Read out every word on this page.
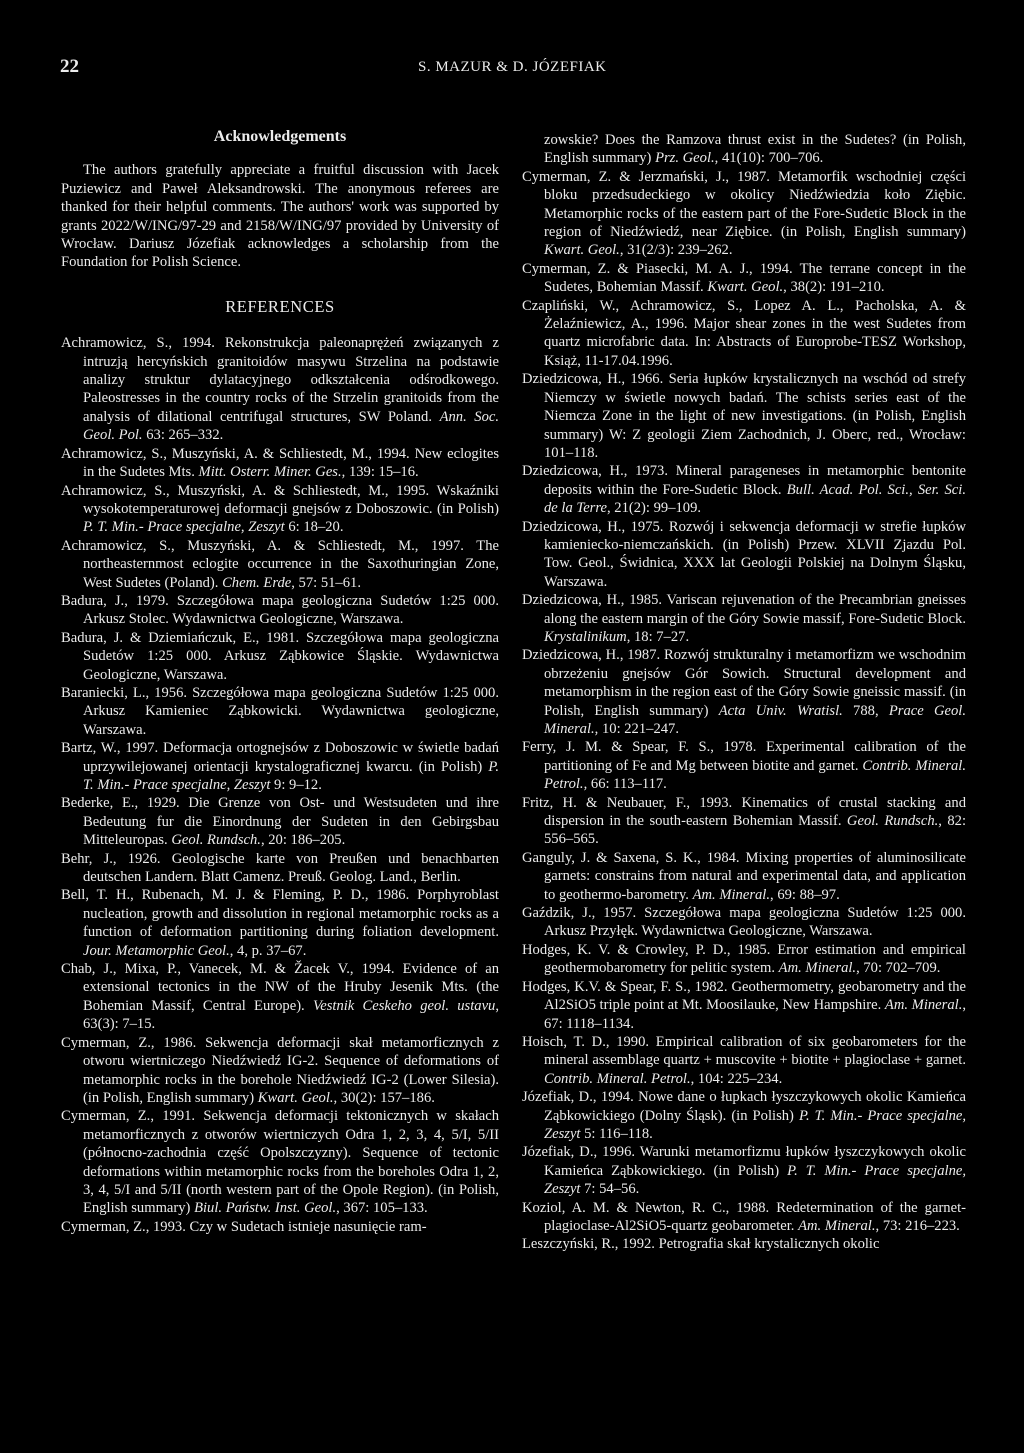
22	S. MAZUR & D. JÓZEFIAK
Acknowledgements

The authors gratefully appreciate a fruitful discussion with Jacek Puziewicz and Paweł Aleksandrowski. The anonymous referees are thanked for their helpful comments. The authors' work was supported by grants 2022/W/ING/97-29 and 2158/W/ING/97 provided by University of Wrocław. Dariusz Józefiak acknowledges a scholarship from the Foundation for Polish Science.

REFERENCES

Achramowicz, S., 1994. Rekonstrukcja paleonaprężeń związanych z intruzją hercyńskich granitoidów masywu Strzelina na podstawie analizy struktur dylatacyjnego odkształcenia odśrodkowego. Paleostresses in the country rocks of the Strzelin granitoids from the analysis of dilational centrifugal structures, SW Poland. Ann. Soc. Geol. Pol. 63: 265–332.

Achramowicz, S., Muszyński, A. & Schliestedt, M., 1994. New eclogites in the Sudetes Mts. Mitt. Osterr. Miner. Ges., 139: 15–16.

Achramowicz, S., Muszyński, A. & Schliestedt, M., 1995. Wskaźniki wysokotemperaturowej deformacji gnejsów z Doboszowic. (in Polish) P. T. Min.- Prace specjalne, Zeszyt 6: 18–20.

Achramowicz, S., Muszyński, A. & Schliestedt, M., 1997. The northeasternmost eclogite occurrence in the Saxothuringian Zone, West Sudetes (Poland). Chem. Erde, 57: 51–61.

Badura, J., 1979. Szczegółowa mapa geologiczna Sudetów 1:25 000. Arkusz Stolec. Wydawnictwa Geologiczne, Warszawa.

Badura, J. & Dziemiańczuk, E., 1981. Szczegółowa mapa geologiczna Sudetów 1:25 000. Arkusz Ząbkowice Śląskie. Wydawnictwa Geologiczne, Warszawa.

Baraniecki, L., 1956. Szczegółowa mapa geologiczna Sudetów 1:25 000. Arkusz Kamieniec Ząbkowicki. Wydawnictwa geologiczne, Warszawa.

Bartz, W., 1997. Deformacja ortognejsów z Doboszowic w świetle badań uprzywilejowanej orientacji krystalograficznej kwarcu. (in Polish) P. T. Min.- Prace specjalne, Zeszyt 9: 9–12.

Bederke, E., 1929. Die Grenze von Ost- und Westsudeten und ihre Bedeutung fur die Einordnung der Sudeten in den Gebirgsbau Mitteleuropas. Geol. Rundsch., 20: 186–205.

Behr, J., 1926. Geologische karte von Preußen und benachbarten deutschen Landern. Blatt Camenz. Preuß. Geolog. Land., Berlin.

Bell, T. H., Rubenach, M. J. & Fleming, P. D., 1986. Porphyroblast nucleation, growth and dissolution in regional metamorphic rocks as a function of deformation partitioning during foliation development. Jour. Metamorphic Geol., 4, p. 37–67.

Chab, J., Mixa, P., Vanecek, M. & Žacek V., 1994. Evidence of an extensional tectonics in the NW of the Hruby Jesenik Mts. (the Bohemian Massif, Central Europe). Vestnik Ceskeho geol. ustavu, 63(3): 7–15.

Cymerman, Z., 1986. Sekwencja deformacji skał metamorficznych z otworu wiertniczego Niedźwiedź IG-2. Sequence of deformations of metamorphic rocks in the borehole Niedźwiedź IG-2 (Lower Silesia). (in Polish, English summary) Kwart. Geol., 30(2): 157–186.

Cymerman, Z., 1991. Sekwencja deformacji tektonicznych w skałach metamorficznych z otworów wiertniczych Odra 1, 2, 3, 4, 5/I, 5/II (północno-zachodnia część Opolszczyzny). Sequence of tectonic deformations within metamorphic rocks from the boreholes Odra 1, 2, 3, 4, 5/I and 5/II (north western part of the Opole Region). (in Polish, English summary) Biul. Państw. Inst. Geol., 367: 105–133.

Cymerman, Z., 1993. Czy w Sudetach istnieje nasunięcie ram-

zowskie? Does the Ramzova thrust exist in the Sudetes? (in Polish, English summary) Prz. Geol., 41(10): 700–706.

Cymerman, Z. & Jerzmański, J., 1987. Metamorfik wschodniej części bloku przedsudeckiego w okolicy Niedźwiedzia koło Ziębic. Metamorphic rocks of the eastern part of the Fore-Sudetic Block in the region of Niedźwiedź, near Ziębice. (in Polish, English summary) Kwart. Geol., 31(2/3): 239–262.

Cymerman, Z. & Piasecki, M. A. J., 1994. The terrane concept in the Sudetes, Bohemian Massif. Kwart. Geol., 38(2): 191–210.

Czapliński, W., Achramowicz, S., Lopez A. L., Pacholska, A. & Żelaźniewicz, A., 1996. Major shear zones in the west Sudetes from quartz microfabric data. In: Abstracts of Europrobe-TESZ Workshop, Książ, 11-17.04.1996.

Dziedzicowa, H., 1966. Seria łupków krystalicznych na wschód od strefy Niemczy w świetle nowych badań. The schists series east of the Niemcza Zone in the light of new investigations. (in Polish, English summary) W: Z geologii Ziem Zachodnich, J. Oberc, red., Wrocław: 101–118.

Dziedzicowa, H., 1973. Mineral parageneses in metamorphic bentonite deposits within the Fore-Sudetic Block. Bull. Acad. Pol. Sci., Ser. Sci. de la Terre, 21(2): 99–109.

Dziedzicowa, H., 1975. Rozwój i sekwencja deformacji w strefie łupków kamieniecko-niemczańskich. (in Polish) Przew. XLVII Zjazdu Pol. Tow. Geol., Świdnica, XXX lat Geologii Polskiej na Dolnym Śląsku, Warszawa.

Dziedzicowa, H., 1985. Variscan rejuvenation of the Precambrian gneisses along the eastern margin of the Góry Sowie massif, Fore-Sudetic Block. Krystalinikum, 18: 7–27.

Dziedzicowa, H., 1987. Rozwój strukturalny i metamorfizm we wschodnim obrzeżeniu gnejsów Gór Sowich. Structural development and metamorphism in the region east of the Góry Sowie gneissic massif. (in Polish, English summary) Acta Univ. Wratisl. 788, Prace Geol. Mineral., 10: 221–247.

Ferry, J. M. & Spear, F. S., 1978. Experimental calibration of the partitioning of Fe and Mg between biotite and garnet. Contrib. Mineral. Petrol., 66: 113–117.

Fritz, H. & Neubauer, F., 1993. Kinematics of crustal stacking and dispersion in the south-eastern Bohemian Massif. Geol. Rundsch., 82: 556–565.

Ganguly, J. & Saxena, S. K., 1984. Mixing properties of aluminosilicate garnets: constrains from natural and experimental data, and application to geothermo-barometry. Am. Mineral., 69: 88–97.

Gaździk, J., 1957. Szczegółowa mapa geologiczna Sudetów 1:25 000. Arkusz Przyłęk. Wydawnictwa Geologiczne, Warszawa.

Hodges, K. V. & Crowley, P. D., 1985. Error estimation and empirical geothermobarometry for pelitic system. Am. Mineral., 70: 702–709.

Hodges, K.V. & Spear, F. S., 1982. Geothermometry, geobarometry and the Al2SiO5 triple point at Mt. Moosilauke, New Hampshire. Am. Mineral., 67: 1118–1134.

Hoisch, T. D., 1990. Empirical calibration of six geobarometers for the mineral assemblage quartz + muscovite + biotite + plagioclase + garnet. Contrib. Mineral. Petrol., 104: 225–234.

Józefiak, D., 1994. Nowe dane o łupkach łyszczykowych okolic Kamieńca Ząbkowickiego (Dolny Śląsk). (in Polish) P. T. Min.- Prace specjalne, Zeszyt 5: 116–118.

Józefiak, D., 1996. Warunki metamorfizmu łupków łyszczykowych okolic Kamieńca Ząbkowickiego. (in Polish) P. T. Min.- Prace specjalne, Zeszyt 7: 54–56.

Koziol, A. M. & Newton, R. C., 1988. Redetermination of the garnet-plagioclase-Al2SiO5-quartz geobarometer. Am. Mineral., 73: 216–223.

Leszczyński, R., 1992. Petrografia skał krystalicznych okolic
